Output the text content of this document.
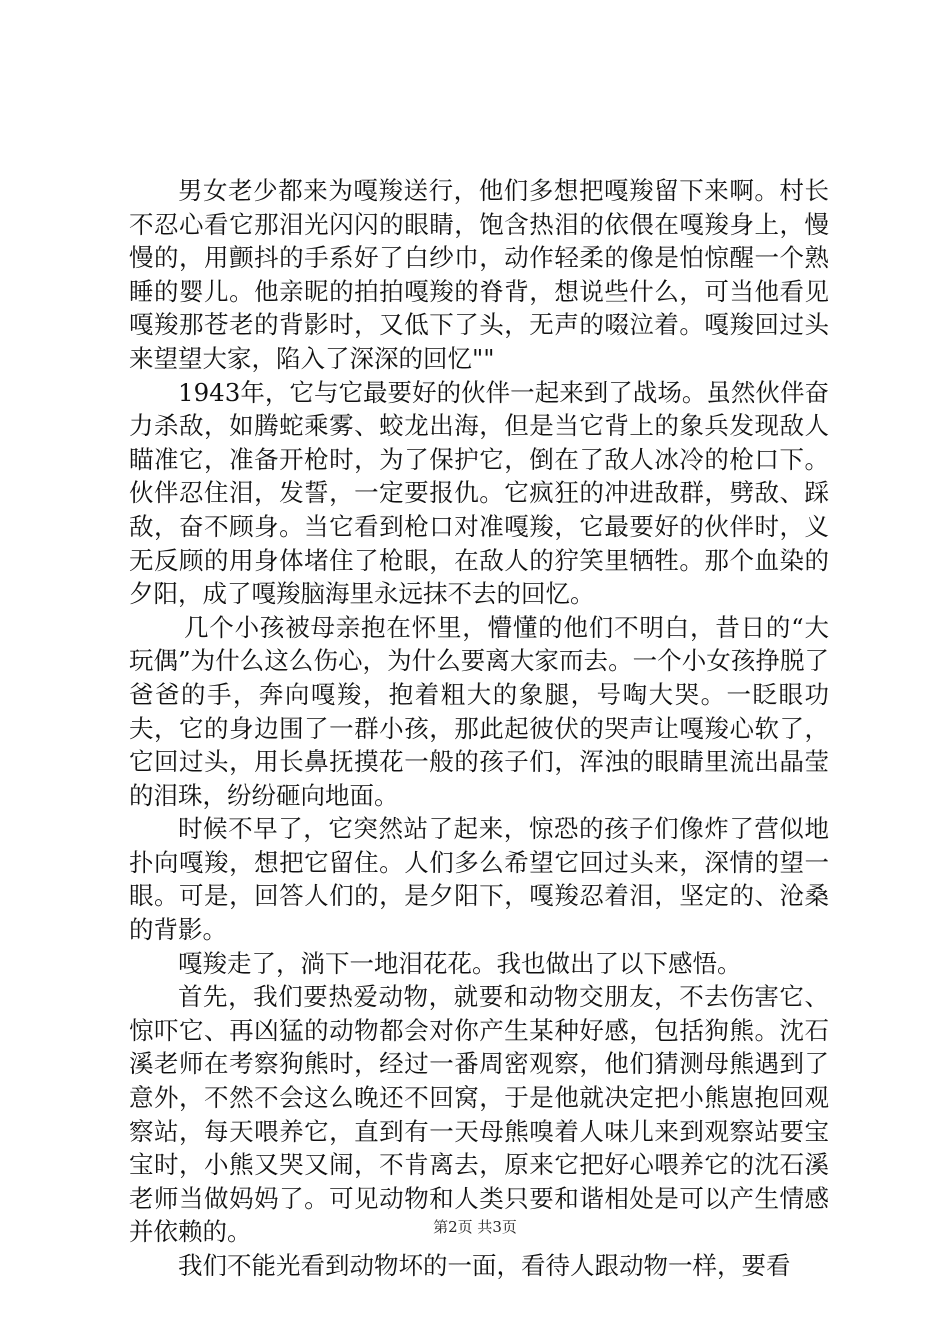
男女老少都来为嘎羧送行，他们多想把嘎羧留下来啊。村长不忍心看它那泪光闪闪的眼睛，饱含热泪的依偎在嘎羧身上，慢慢的，用颤抖的手系好了白纱巾，动作轻柔的像是怕惊醒一个熟睡的婴儿。他亲昵的拍拍嘎羧的脊背，想说些什么，可当他看见嘎羧那苍老的背影时，又低下了头，无声的啜泣着。嘎羧回过头来望望大家，陷入了深深的回忆""

1943年，它与它最要好的伙伴一起来到了战场。虽然伙伴奋力杀敌，如腾蛇乘雾、蛟龙出海，但是当它背上的象兵发现敌人瞄准它，准备开枪时，为了保护它，倒在了敌人冰冷的枪口下。伙伴忍住泪，发誓，一定要报仇。它疯狂的冲进敌群，劈敌、踩敌，奋不顾身。当它看到枪口对准嘎羧，它最要好的伙伴时，义无反顾的用身体堵住了枪眼，在敌人的狞笑里牺牲。那个血染的夕阳，成了嘎羧脑海里永远抹不去的回忆。

几个小孩被母亲抱在怀里，懵懂的他们不明白，昔日的“大玩偶”为什么这么伤心，为什么要离大家而去。一个小女孩挣脱了爸爸的手，奔向嘎羧，抱着粗大的象腿，号啕大哭。一眨眼功夫，它的身边围了一群小孩，那此起彼伏的哭声让嘎羧心软了，它回过头，用长鼻抚摸花一般的孩子们，浑浊的眼睛里流出晶莹的泪珠，纷纷砸向地面。

时候不早了，它突然站了起来，惊恐的孩子们像炸了营似地扑向嘎羧，想把它留住。人们多么希望它回过头来，深情的望一眼。可是，回答人们的，是夕阳下，嘎羧忍着泪，坚定的、沧桑的背影。

嘎羧走了，淌下一地泪花花。我也做出了以下感悟。

首先，我们要热爱动物，就要和动物交朋友，不去伤害它、惊吓它、再凶猛的动物都会对你产生某种好感，包括狗熊。沈石溪老师在考察狗熊时，经过一番周密观察，他们猜测母熊遇到了意外，不然不会这么晚还不回窝，于是他就决定把小熊崽抱回观察站，每天喂养它，直到有一天母熊嗅着人味儿来到观察站要宝宝时，小熊又哭又闹，不肯离去，原来它把好心喂养它的沈石溪老师当做妈妈了。可见动物和人类只要和谐相处是可以产生情感并依赖的。

我们不能光看到动物坏的一面，看待人跟动物一样，要看

第2页 共3页
